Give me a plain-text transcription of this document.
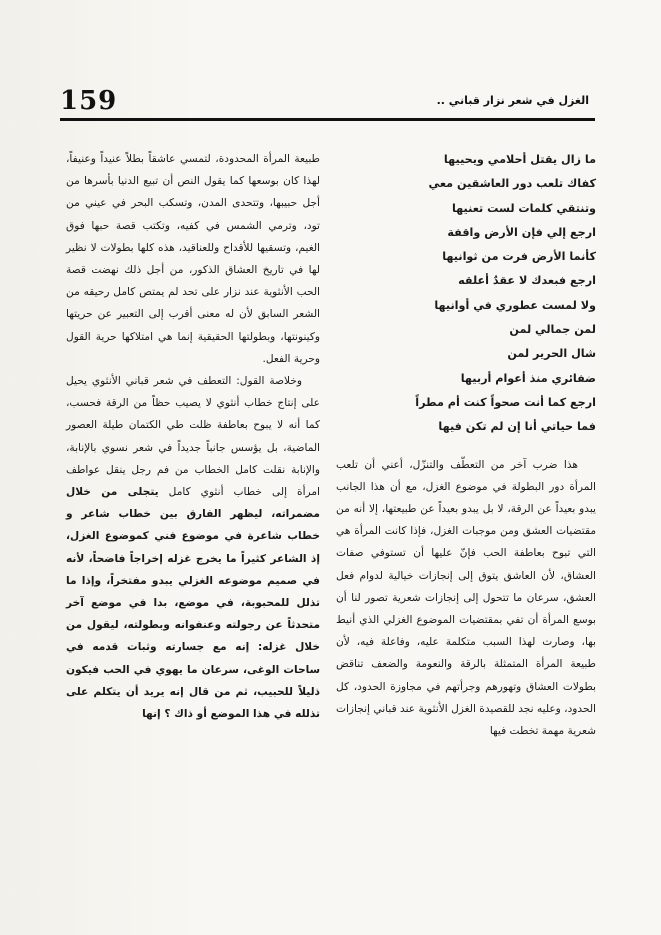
159	الغزل في شعر نزار قباني ..
ما زال يقتل أحلامي ويحييها
كفاك تلعب دور العاشقين معي
وتنتقي كلمات لست تعنيها
ارجع إلي فإن الأرض واقفة
كأنما الأرض فرت من ثوانيها
ارجع فبعدك لا عقدٌ أعلقه
ولا لمست عطوري في أوانيها
لمن جمالي لمن
شال الحرير لمن
ضفائري منذ أعوام أربيها
ارجع كما أنت صحواً كنت أم مطراً
فما حياتي أنا إن لم تكن فيها

هذا ضرب آخر من التعطّف والتنزّل، أعني أن تلعب المرأة دور البطولة في موضوع الغزل، مع أن هذا الجانب يبدو بعيداً عن الرقة، لا بل يبدو بعيداً عن طبيعتها، إلا أنه من مقتضيات العشق ومن موجبات الغزل، فإذا كانت المرأة هي التي تبوح بعاطفة الحب فإنّ عليها أن تستوفي صفات العشاق، لأن العاشق يتوق إلى إنجازات خيالية لدوام فعل العشق، سرعان ما تتحول إلى إنجازات شعرية تصور لنا أن بوسع المرأة أن تفي بمقتضيات الموضوع الغزلي الذي أنيط بها، وصارت لهذا السبب متكلمة عليه، وفاعلة فيه، لأن طبيعة المرأة المتمثلة بالرقة والنعومة والضعف تناقض بطولات العشاق وتهورهم وجرأتهم في مجاوزة الحدود، كل الحدود، وعليه نجد للقصيدة الغزل الأنثوية عند قباني إنجازات شعرية مهمة تخطت فيها

طبيعة المرأة المحدودة، لتمسي عاشقاً بطلاً عنيداً وعنيفاً، لهذا كان بوسعها كما يقول النص أن تبيع الدنيا بأسرها من أجل حبيبها، وتتحدى المدن، وتسكب البحر في عيني من تود، وترمي الشمس في كفيه، وتكتب قصة حبها فوق الغيم، وتسقيها للأقداح وللعناقيد، هذه كلها بطولات لا نظير لها في تاريخ العشاق الذكور، من أجل ذلك نهضت قصة الحب الأنثوية عند نزار على تحد لم يمتص كامل رحيقه من الشعر السابق لأن له معنى أقرب إلى التعبير عن حريتها وكينونتها، وبطولتها الحقيقية إنما هي امتلاكها حرية القول وحرية الفعل.

وخلاصة القول: التعطف في شعر قباني الأنثوي يحيل على إنتاج خطاب أنثوي لا يصيب حظاً من الرقة فحسب، كما أنه لا يبوح بعاطفة ظلت طي الكتمان طيلة العصور الماضية، بل يؤسس جانباً جديداً في شعر نسوي بالإنابة، والإنابة نقلت كامل الخطاب من فم رجل ينقل عواطف امرأة إلى خطاب أنثوي كامل يتجلى من خلال مضمراته، ليظهر الفارق بين خطاب شاعر و خطاب شاعرة في موضوع فني كموضوع الغزل، إذ الشاعر كثيراً ما يخرج غزله إخراجاً فاضحاً، لأنه في صميم موضوعه الغزلي يبدو مفتخراً، وإذا ما تذلل للمحبوبة، في موضع، بدا في موضع آخر متحدثاً عن رجولته وعنفوانه وبطولته، ليقول من خلال غزله: إنه مع جسارته وثبات قدمه في ساحات الوغى، سرعان ما يهوي في الحب فيكون ذليلاً للحبيب، ثم من قال إنه يريد أن يتكلم على تذلله في هذا الموضع أو ذاك ؟ إنها
